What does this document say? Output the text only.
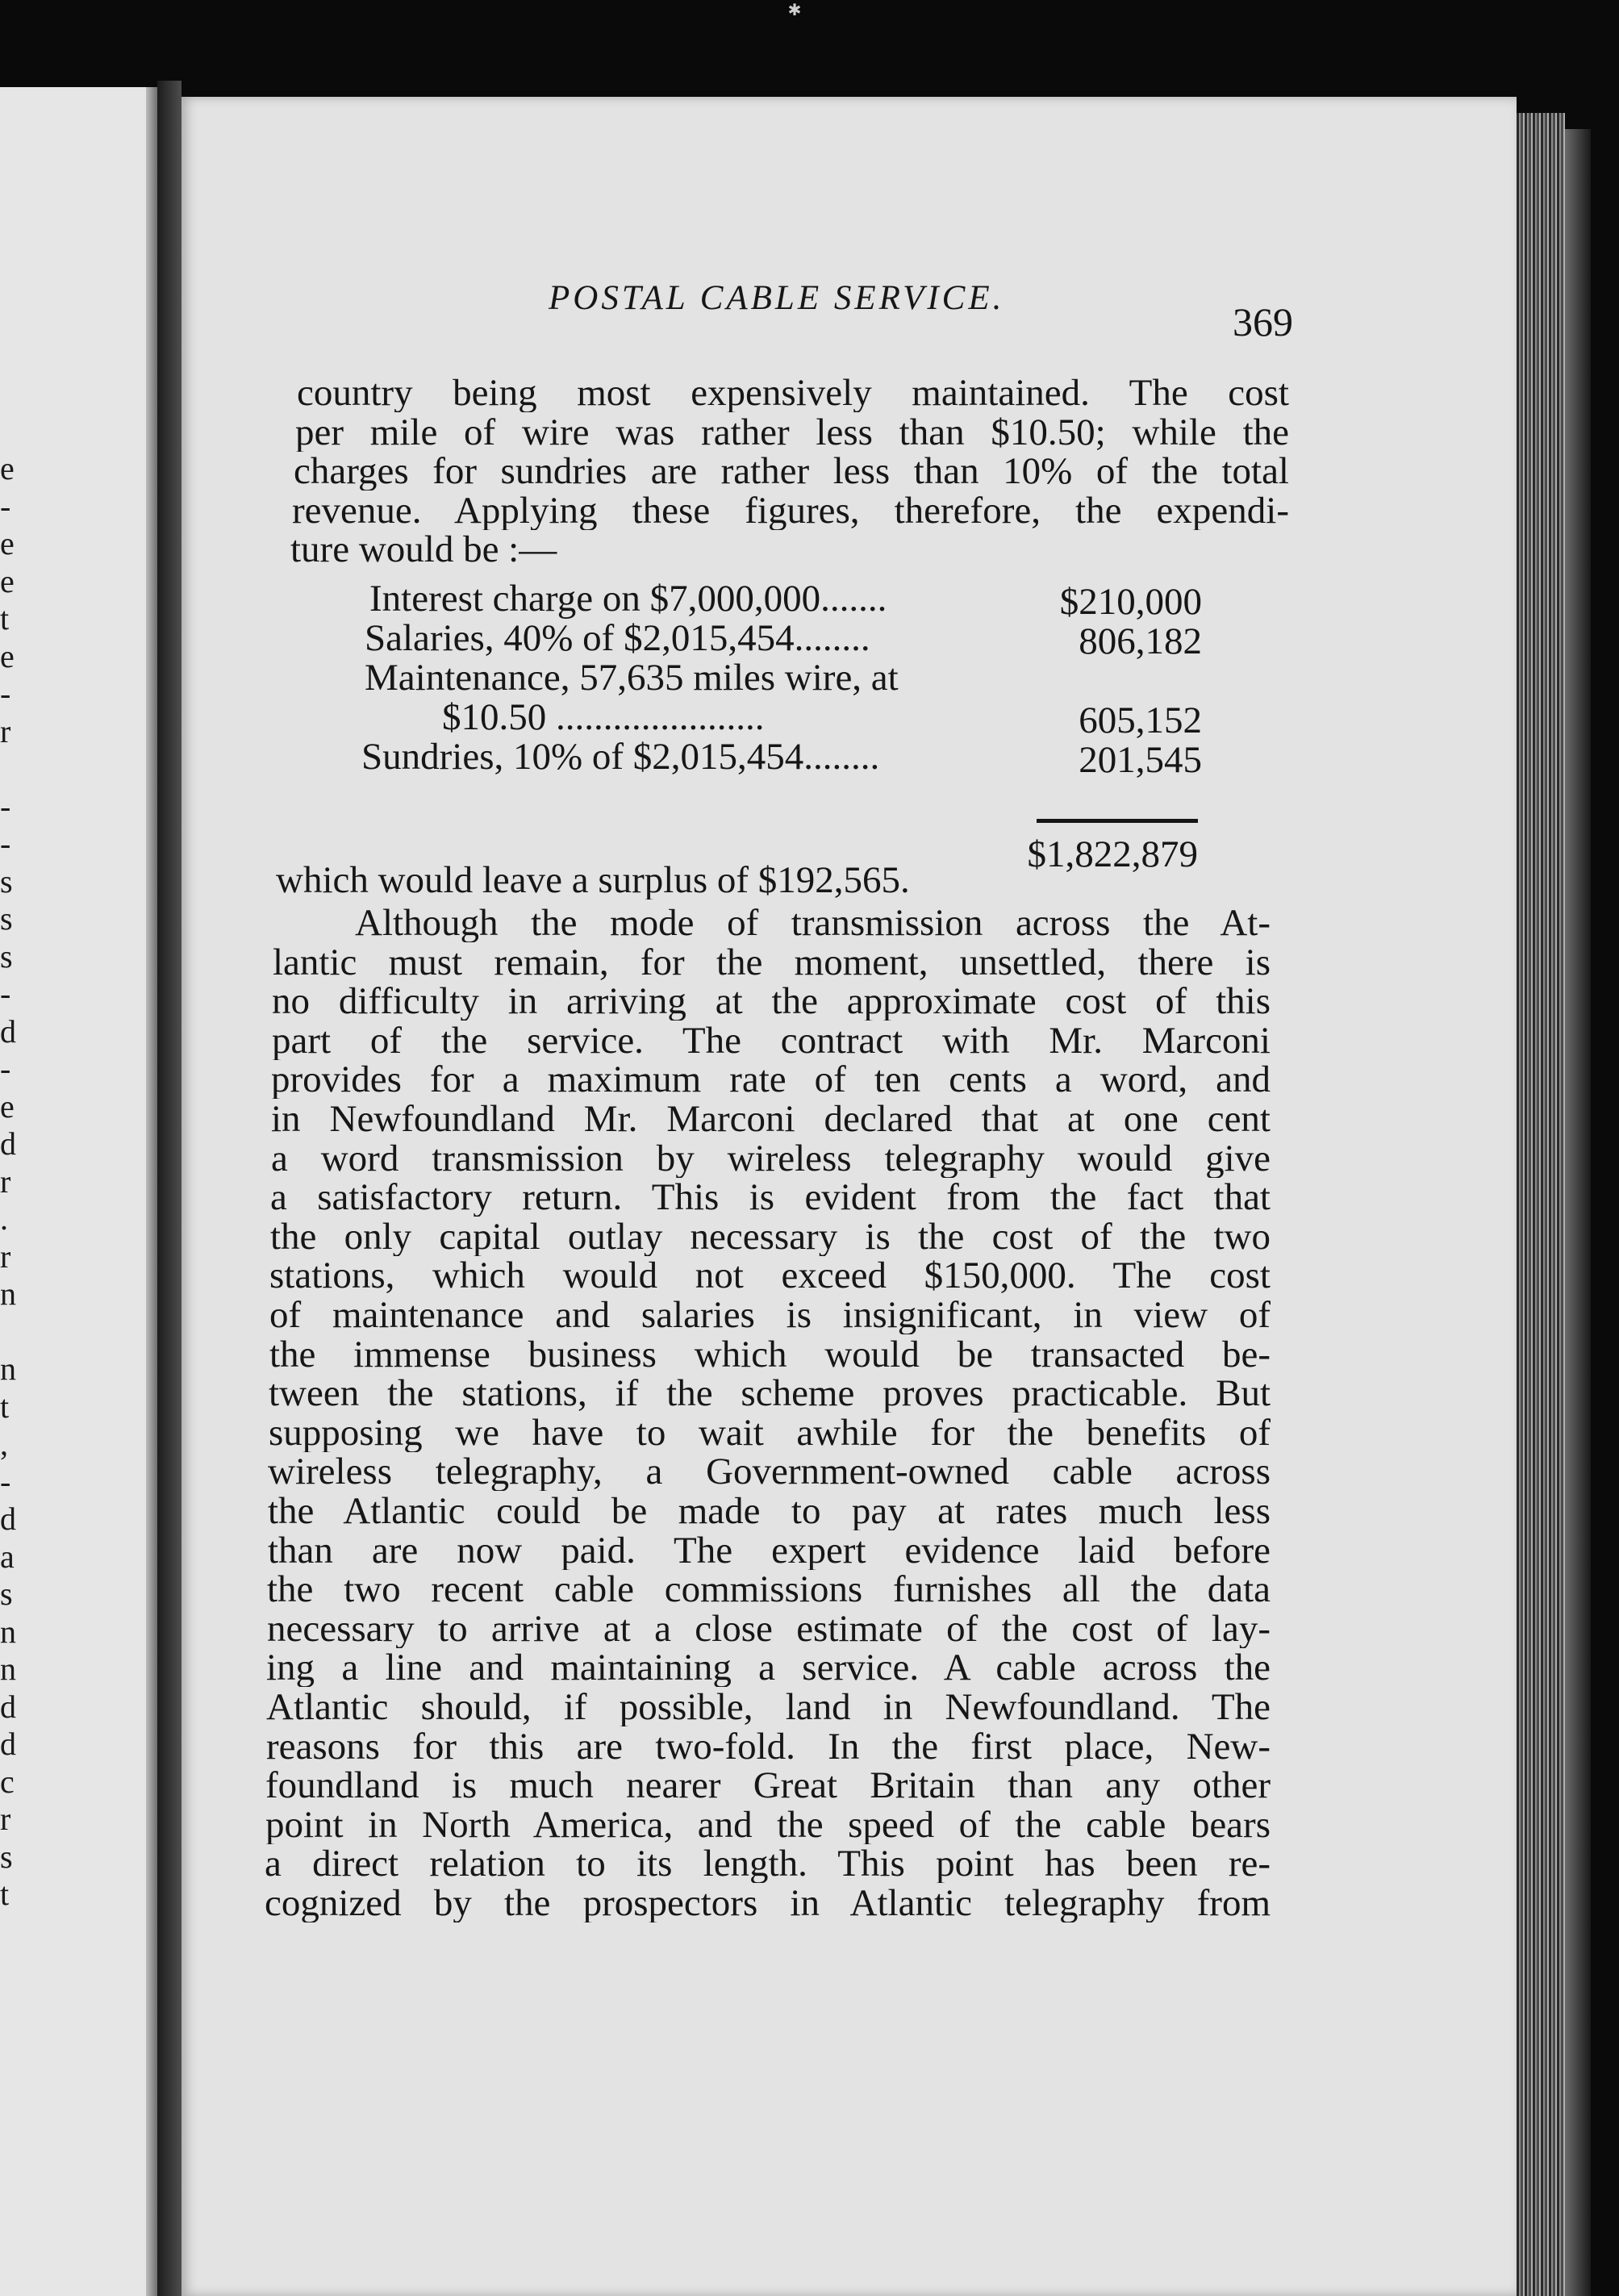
✱
e
-
e
e
t
e
-
r
-
-
s
s
s
-
d
-
e
d
r
.
r
n
n
t
,
-
d
a
s
n
n
d
d
c
r
s
t
POSTAL CABLE SERVICE.
369
country being most expensively maintained. The cost
per mile of wire was rather less than $10.50; while the
charges for sundries are rather less than 10% of the total
revenue. Applying these figures, therefore, the expendi-
ture would be :—
Interest charge on $7,000,000.......	$210,000
Salaries, 40% of $2,015,454........	806,182
Maintenance, 57,635 miles wire, at
$10.50 ......................	605,152
Sundries, 10% of $2,015,454........	201,545
$1,822,879
which would leave a surplus of $192,565.
Although the mode of transmission across the At-
lantic must remain, for the moment, unsettled, there is
no difficulty in arriving at the approximate cost of this
part of the service. The contract with Mr. Marconi
provides for a maximum rate of ten cents a word, and
in Newfoundland Mr. Marconi declared that at one cent
a word transmission by wireless telegraphy would give
a satisfactory return. This is evident from the fact that
the only capital outlay necessary is the cost of the two
stations, which would not exceed $150,000. The cost
of maintenance and salaries is insignificant, in view of
the immense business which would be transacted be-
tween the stations, if the scheme proves practicable. But
supposing we have to wait awhile for the benefits of
wireless telegraphy, a Government-owned cable across
the Atlantic could be made to pay at rates much less
than are now paid. The expert evidence laid before
the two recent cable commissions furnishes all the data
necessary to arrive at a close estimate of the cost of lay-
ing a line and maintaining a service. A cable across the
Atlantic should, if possible, land in Newfoundland. The
reasons for this are two-fold. In the first place, New-
foundland is much nearer Great Britain than any other
point in North America, and the speed of the cable bears
a direct relation to its length. This point has been re-
cognized by the prospectors in Atlantic telegraphy from
